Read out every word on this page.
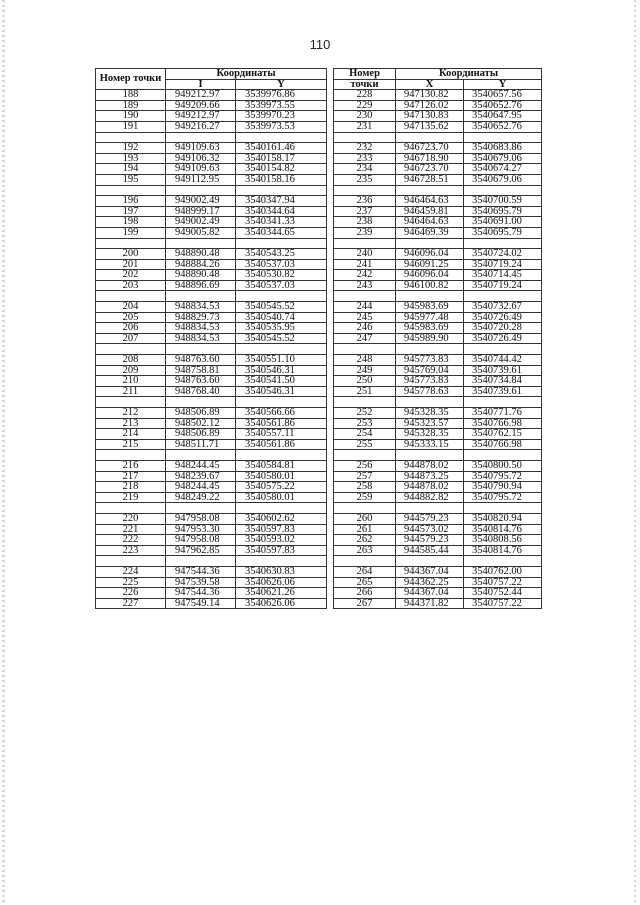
110
Номер точки	Координаты	
	I	Y
188	949212.97	3539976.86
189	949209.66	3539973.55
190	949212.97	3539970.23
191	949216.27	3539973.53

192	949109.63	3540161.46
193	949106.32	3540158.17
194	949109.63	3540154.82
195	949112.95	3540158.16

196	949002.49	3540347.94
197	948999.17	3540344.64
198	949002.49	3540341.33
199	949005.82	3540344.65

200	948890.48	3540543.25
201	948884.26	3540537.03
202	948890.48	3540530.82
203	948896.69	3540537.03

204	948834.53	3540545.52
205	948829.73	3540540.74
206	948834.53	3540535.95
207	948834.53	3540545.52

208	948763.60	3540551.10
209	948758.81	3540546.31
210	948763.60	3540541.50
211	948768.40	3540546.31

212	948506.89	3540566.66
213	948502.12	3540561.86
214	948506.89	3540557.11
215	948511.71	3540561.86

216	948244.45	3540584.81
217	948239.67	3540580.01
218	948244.45	3540575.22
219	948249.22	3540580.01

220	947958.08	3540602.62
221	947953.30	3540597.83
222	947958.08	3540593.02
223	947962.85	3540597.83

224	947544.36	3540630.83
225	947539.58	3540626.06
226	947544.36	3540621.26
227	947549.14	3540626.06
Номер	Координаты	
точки	X	Y
228	947130.82	3540657.56
229	947126.02	3540652.76
230	947130.83	3540647.95
231	947135.62	3540652.76

232	946723.70	3540683.86
233	946718.90	3540679.06
234	946723.70	3540674.27
235	946728.51	3540679.06

236	946464.63	3540700.59
237	946459.81	3540695.79
238	946464.63	3540691.00
239	946469.39	3540695.79

240	946096.04	3540724.02
241	946091.25	3540719.24
242	946096.04	3540714.45
243	946100.82	3540719.24

244	945983.69	3540732.67
245	945977.48	3540726.49
246	945983.69	3540720.28
247	945989.90	3540726.49

248	945773.83	3540744.42
249	945769.04	3540739.61
250	945773.83	3540734.84
251	945778.63	3540739.61

252	945328.35	3540771.76
253	945323.57	3540766.98
254	945328.35	3540762.15
255	945333.15	3540766.98

256	944878.02	3540800.50
257	944873.25	3540795.72
258	944878.02	3540790.94
259	944882.82	3540795.72

260	944579.23	3540820.94
261	944573.02	3540814.76
262	944579.23	3540808.56
263	944585.44	3540814.76

264	944367.04	3540762.00
265	944362.25	3540757.22
266	944367.04	3540752.44
267	944371.82	3540757.22
